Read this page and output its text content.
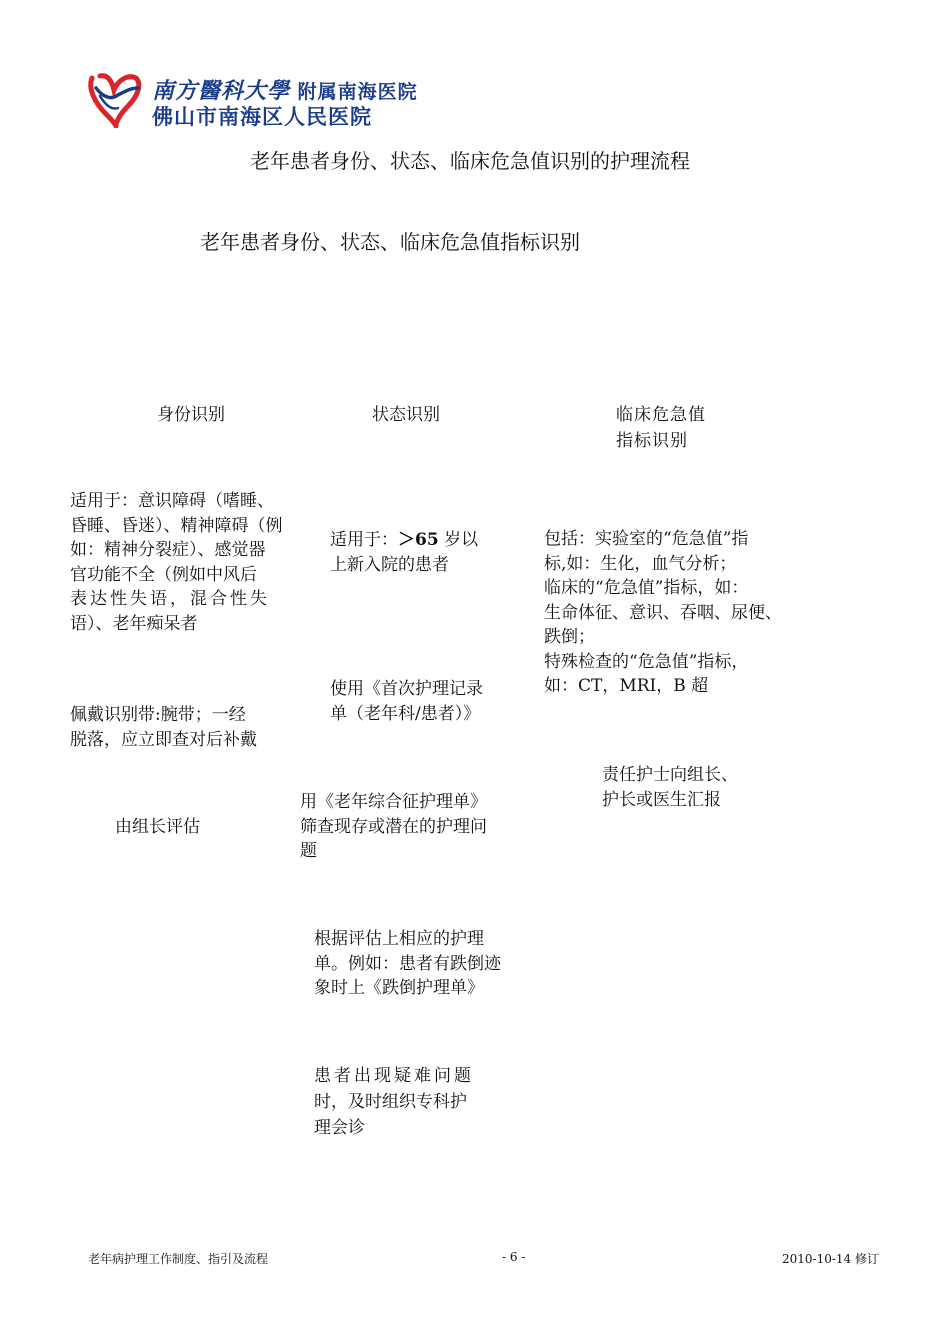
南方醫科大學 附属南海医院
佛山市南海区人民医院
老年患者身份、状态、临床危急值识别的护理流程
老年患者身份、状态、临床危急值指标识别
身份识别	状态识别	临床危急值
指标识别
适用于：意识障碍（嗜睡、
昏睡、昏迷）、精神障碍（例
如：精神分裂症）、感觉器
官功能不全（例如中风后
表达性失语，混合性失
语）、老年痴呆者
佩戴识别带:腕带；一经
脱落，应立即查对后补戴
由组长评估
适用于：＞65 岁以
上新入院的患者
使用《首次护理记录
单（老年科/患者）》
用《老年综合征护理单》
筛查现存或潜在的护理问
题
根据评估上相应的护理
单。例如：患者有跌倒迹
象时上《跌倒护理单》
患者出现疑难问题
时，及时组织专科护
理会诊
包括：实验室的“危急值”指
标,如：生化，血气分析；
临床的“危急值”指标，如：
生命体征、意识、吞咽、尿便、
跌倒；
特殊检查的“危急值”指标，
如：CT，MRI，B 超
责任护士向组长、
护长或医生汇报
老年病护理工作制度、指引及流程	- 6 -	2010-10-14 修订
